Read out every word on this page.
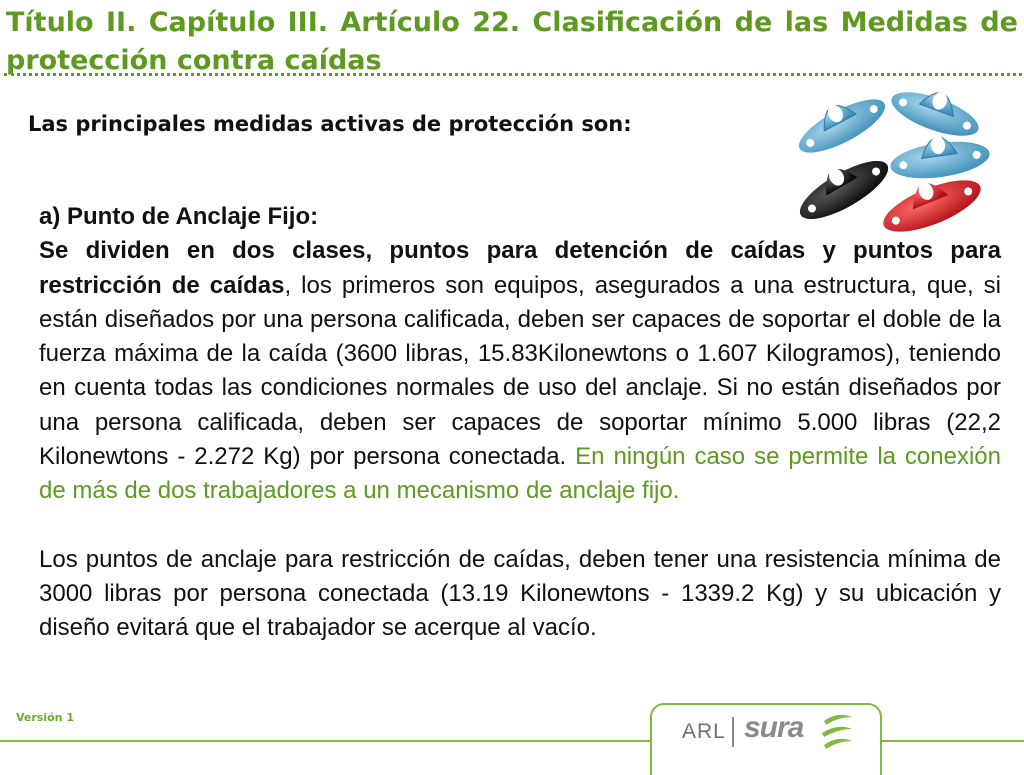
Título II. Capítulo III. Artículo 22. Clasificación de las Medidas de protección contra caídas

Las principales medidas activas de protección son:

a) Punto de Anclaje Fijo:

Se dividen en dos clases, puntos para detención de caídas y puntos para restricción de caídas, los primeros son equipos, asegurados a una estructura, que, si están diseñados por una persona calificada, deben ser capaces de soportar el doble de la fuerza máxima de la caída (3600 libras, 15.83Kilonewtons o 1.607 Kilogramos), teniendo en cuenta todas las condiciones normales de uso del anclaje. Si no están diseñados por una persona calificada, deben ser capaces de soportar mínimo 5.000 libras (22,2 Kilonewtons - 2.272 Kg) por persona conectada. En ningún caso se permite la conexión de más de dos trabajadores a un mecanismo de anclaje fijo.

Los puntos de anclaje para restricción de caídas, deben tener una resistencia mínima de 3000 libras por persona conectada (13.19 Kilonewtons - 1339.2 Kg) y su ubicación y diseño evitará que el trabajador se acerque al vacío.

Versión 1
ARL sura
